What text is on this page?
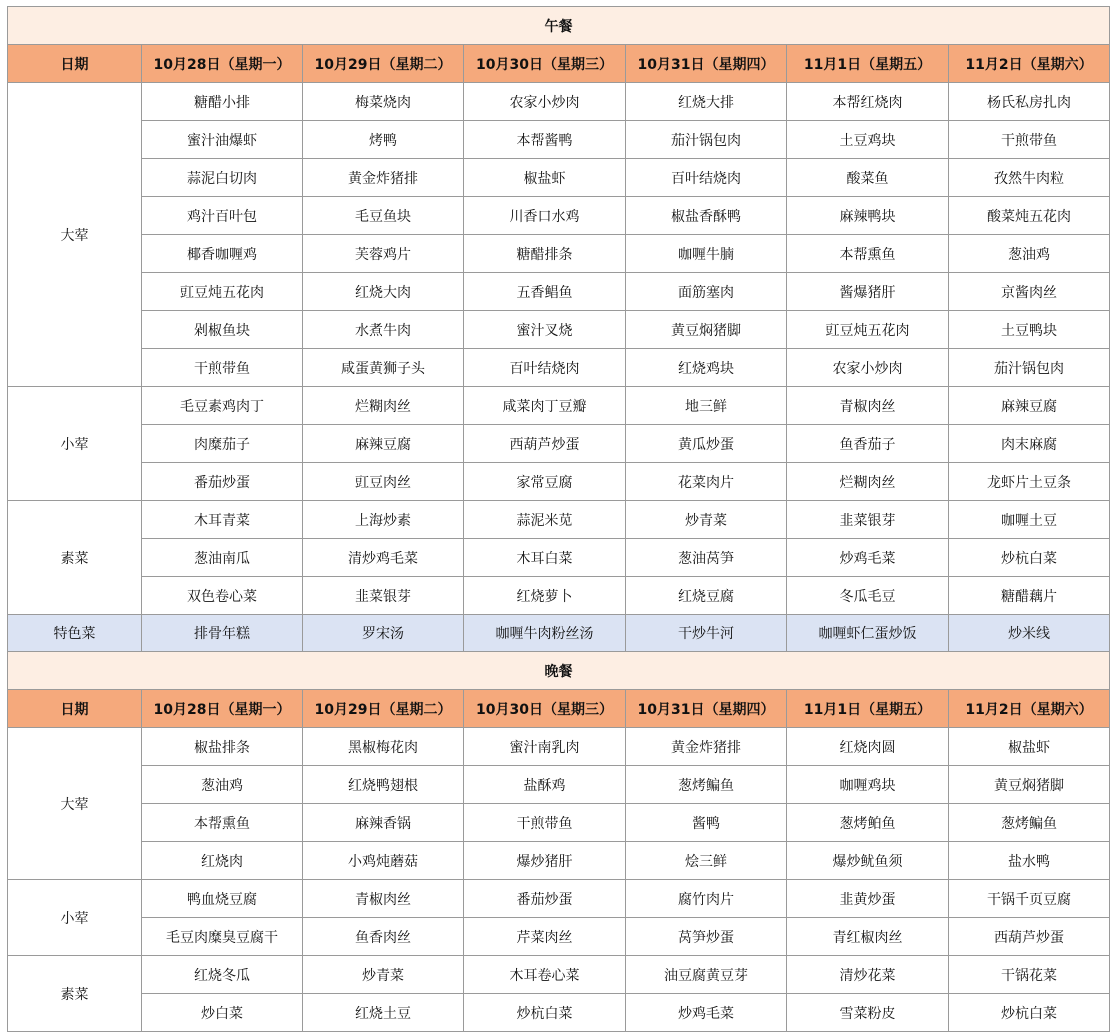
午餐						
日期	10月28日（星期一）	10月29日（星期二）	10月30日（星期三）	10月31日（星期四）	11月1日（星期五）	11月2日（星期六）
大荤	糖醋小排	梅菜烧肉	农家小炒肉	红烧大排	本帮红烧肉	杨氏私房扎肉
	蜜汁油爆虾	烤鸭	本帮酱鸭	茄汁锅包肉	土豆鸡块	干煎带鱼
	蒜泥白切肉	黄金炸猪排	椒盐虾	百叶结烧肉	酸菜鱼	孜然牛肉粒
	鸡汁百叶包	毛豆鱼块	川香口水鸡	椒盐香酥鸭	麻辣鸭块	酸菜炖五花肉
	椰香咖喱鸡	芙蓉鸡片	糖醋排条	咖喱牛腩	本帮熏鱼	葱油鸡
	豇豆炖五花肉	红烧大肉	五香鲳鱼	面筋塞肉	酱爆猪肝	京酱肉丝
	剁椒鱼块	水煮牛肉	蜜汁叉烧	黄豆焖猪脚	豇豆炖五花肉	土豆鸭块
	干煎带鱼	咸蛋黄狮子头	百叶结烧肉	红烧鸡块	农家小炒肉	茄汁锅包肉
小荤	毛豆素鸡肉丁	烂糊肉丝	咸菜肉丁豆瓣	地三鲜	青椒肉丝	麻辣豆腐
	肉糜茄子	麻辣豆腐	西葫芦炒蛋	黄瓜炒蛋	鱼香茄子	肉末麻腐
	番茄炒蛋	豇豆肉丝	家常豆腐	花菜肉片	烂糊肉丝	龙虾片土豆条
素菜	木耳青菜	上海炒素	蒜泥米苋	炒青菜	韭菜银芽	咖喱土豆
	葱油南瓜	清炒鸡毛菜	木耳白菜	葱油莴笋	炒鸡毛菜	炒杭白菜
	双色卷心菜	韭菜银芽	红烧萝卜	红烧豆腐	冬瓜毛豆	糖醋藕片
特色菜	排骨年糕	罗宋汤	咖喱牛肉粉丝汤	干炒牛河	咖喱虾仁蛋炒饭	炒米线
晚餐						
日期	10月28日（星期一）	10月29日（星期二）	10月30日（星期三）	10月31日（星期四）	11月1日（星期五）	11月2日（星期六）
大荤	椒盐排条	黑椒梅花肉	蜜汁南乳肉	黄金炸猪排	红烧肉圆	椒盐虾
	葱油鸡	红烧鸭翅根	盐酥鸡	葱烤鳊鱼	咖喱鸡块	黄豆焖猪脚
	本帮熏鱼	麻辣香锅	干煎带鱼	酱鸭	葱烤鲌鱼	葱烤鳊鱼
	红烧肉	小鸡炖蘑菇	爆炒猪肝	烩三鲜	爆炒鱿鱼须	盐水鸭
小荤	鸭血烧豆腐	青椒肉丝	番茄炒蛋	腐竹肉片	韭黄炒蛋	干锅千页豆腐
	毛豆肉糜臭豆腐干	鱼香肉丝	芹菜肉丝	莴笋炒蛋	青红椒肉丝	西葫芦炒蛋
素菜	红烧冬瓜	炒青菜	木耳卷心菜	油豆腐黄豆芽	清炒花菜	干锅花菜
	炒白菜	红烧土豆	炒杭白菜	炒鸡毛菜	雪菜粉皮	炒杭白菜
